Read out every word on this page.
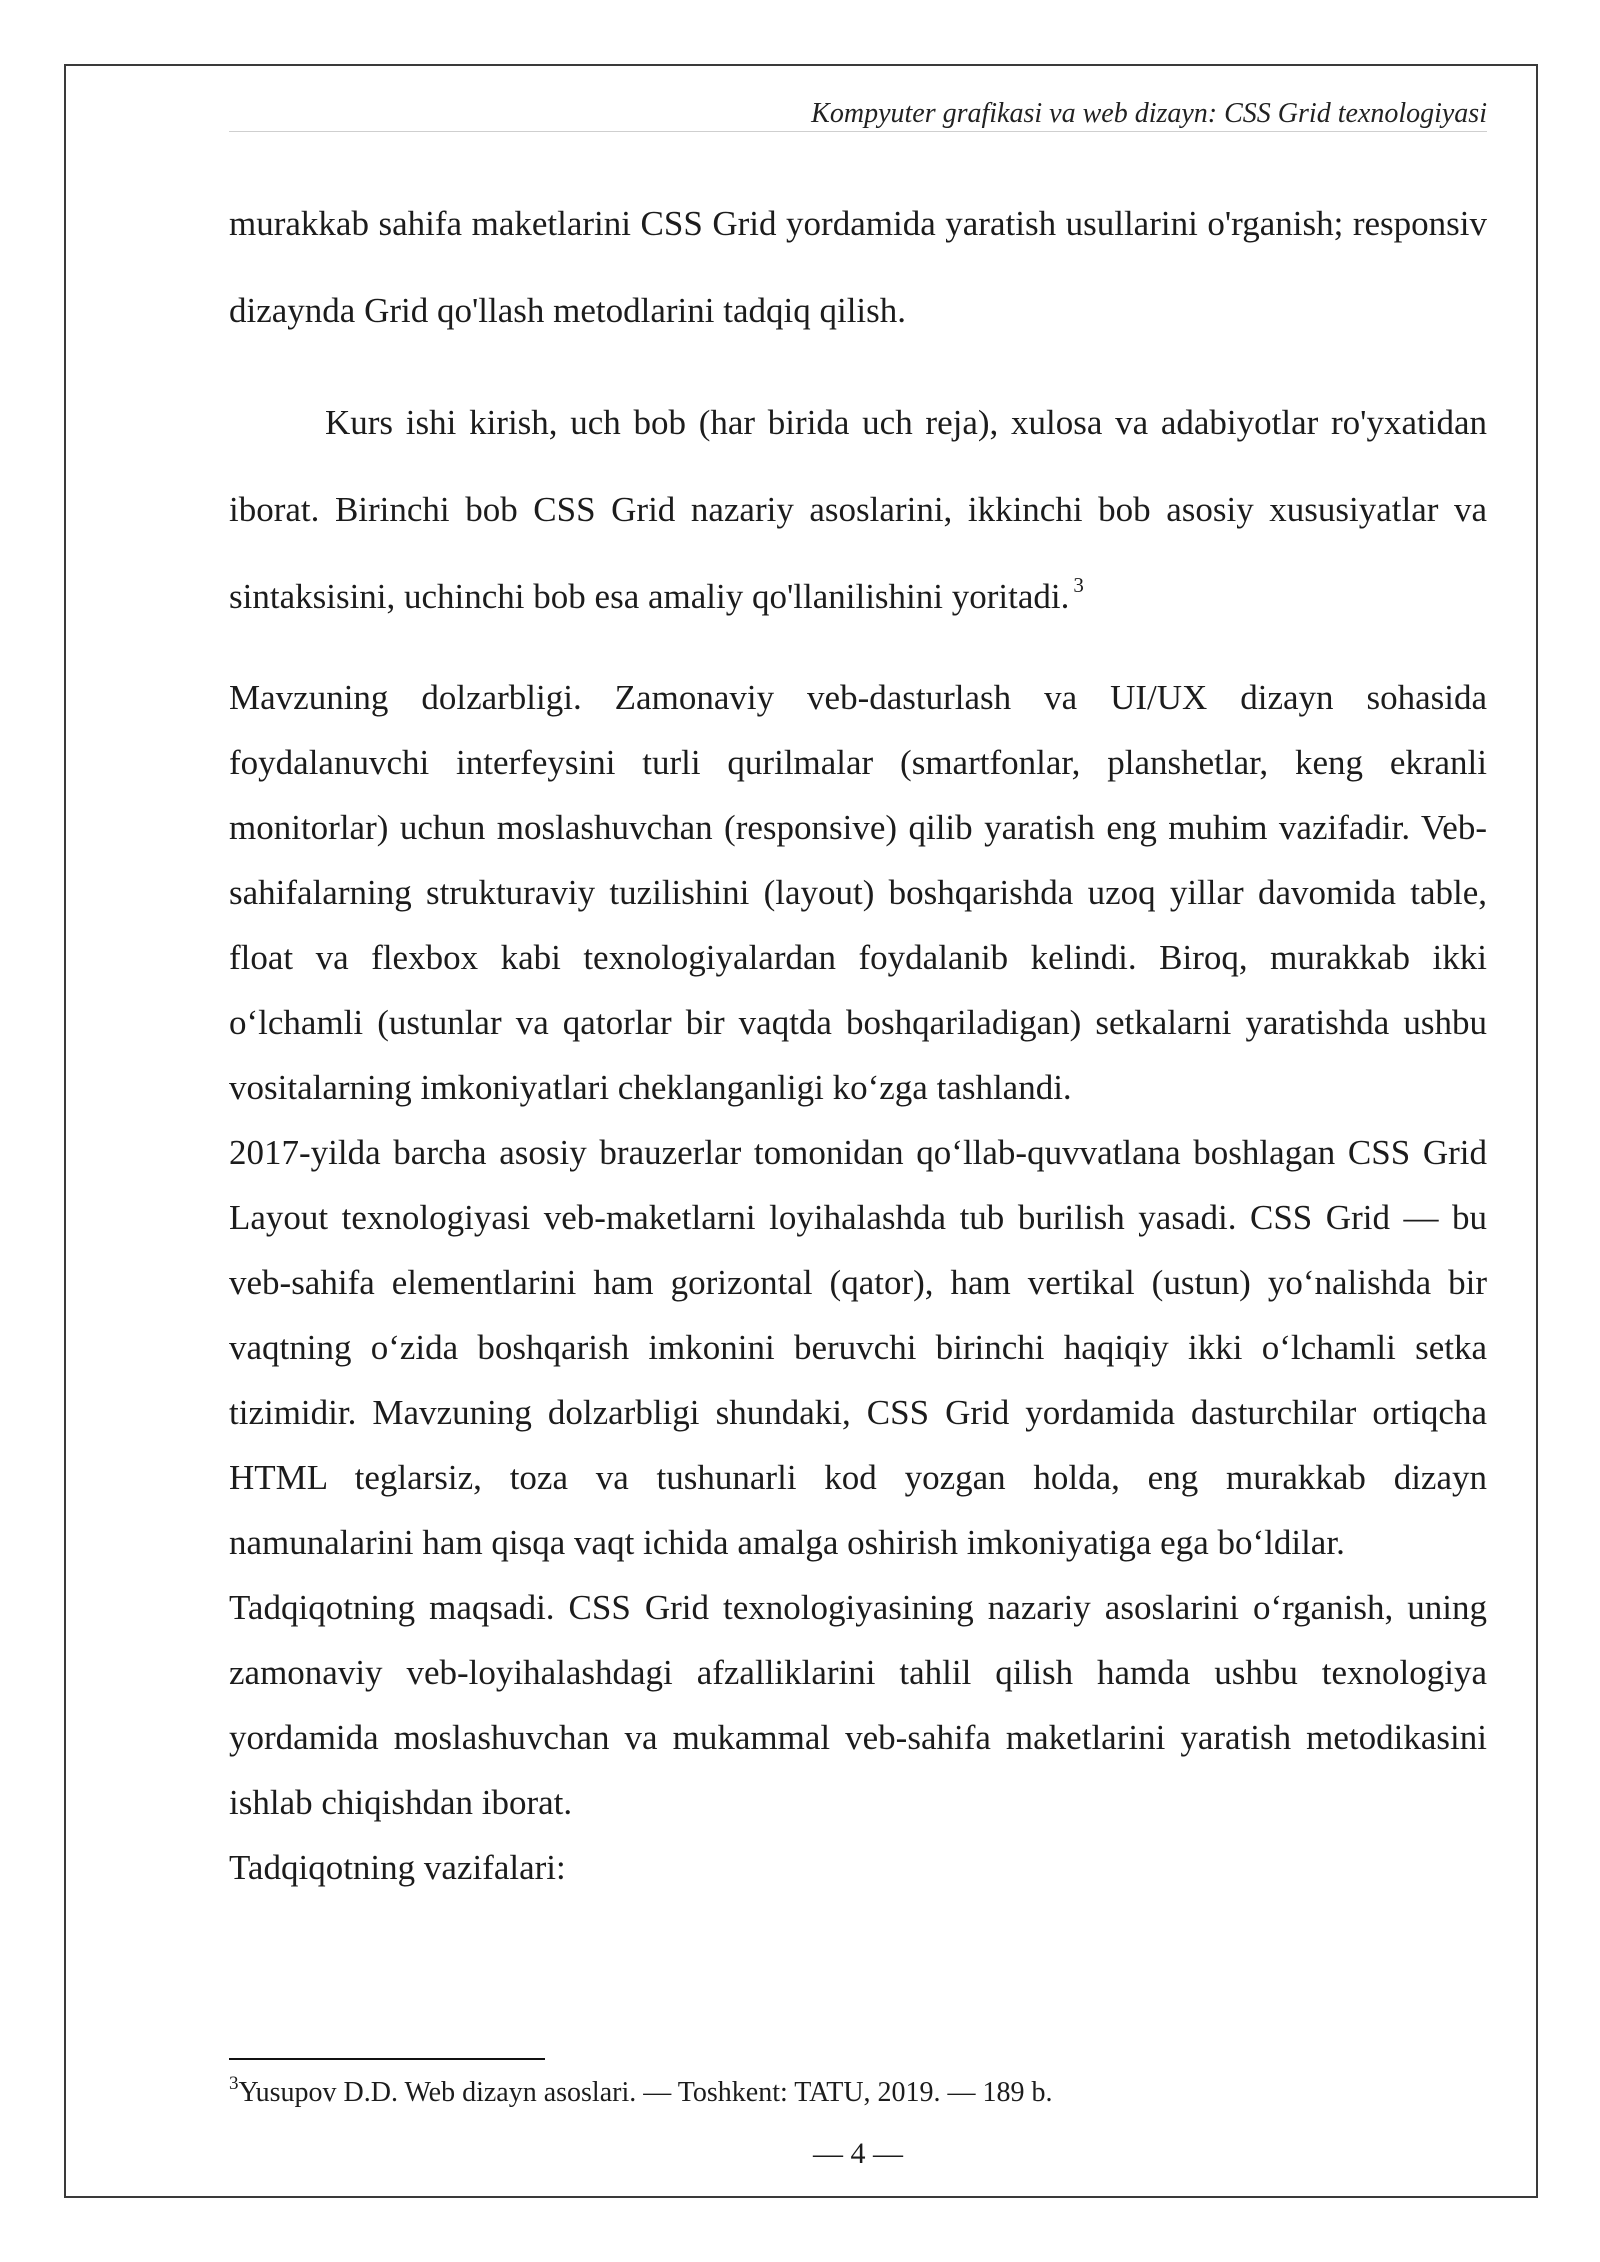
Kompyuter grafikasi va web dizayn: CSS Grid texnologiyasi

murakkab sahifa maketlarini CSS Grid yordamida yaratish usullarini o'rganish; responsiv dizaynda Grid qo'llash metodlarini tadqiq qilish.

Kurs ishi kirish, uch bob (har birida uch reja), xulosa va adabiyotlar ro'yxatidan iborat. Birinchi bob CSS Grid nazariy asoslarini, ikkinchi bob asosiy xususiyatlar va sintaksisini, uchinchi bob esa amaliy qo'llanilishini yoritadi. $^3$

Mavzuning dolzarbligi. Zamonaviy veb-dasturlash va UI/UX dizayn sohasida foydalanuvchi interfeysini turli qurilmalar (smartfonlar, planshetlar, keng ekranli monitorlar) uchun moslashuvchan (responsive) qilib yaratish eng muhim vazifadir. Veb-sahifalarning strukturaviy tuzilishini (layout) boshqarishda uzoq yillar davomida table, float va flexbox kabi texnologiyalardan foydalanib kelindi. Biroq, murakkab ikki o‘lchamli (ustunlar va qatorlar bir vaqtda boshqariladigan) setkalarni yaratishda ushbu vositalarning imkoniyatlari cheklanganligi ko‘zga tashlandi.

2017-yilda barcha asosiy brauzerlar tomonidan qo‘llab-quvvatlana boshlagan CSS Grid Layout texnologiyasi veb-maketlarni loyihalashda tub burilish yasadi. CSS Grid — bu veb-sahifa elementlarini ham gorizontal (qator), ham vertikal (ustun) yo‘nalishda bir vaqtning o‘zida boshqarish imkonini beruvchi birinchi haqiqiy ikki o‘lchamli setka tizimidir. Mavzuning dolzarbligi shundaki, CSS Grid yordamida dasturchilar ortiqcha HTML teglarsiz, toza va tushunarli kod yozgan holda, eng murakkab dizayn namunalarini ham qisqa vaqt ichida amalga oshirish imkoniyatiga ega bo‘ldilar.

Tadqiqotning maqsadi. CSS Grid texnologiyasining nazariy asoslarini o‘rganish, uning zamonaviy veb-loyihalashdagi afzalliklarini tahlil qilish hamda ushbu texnologiya yordamida moslashuvchan va mukammal veb-sahifa maketlarini yaratish metodikasini ishlab chiqishdan iborat.

Tadqiqotning vazifalari:

$^3$Yusupov D.D. Web dizayn asoslari. — Toshkent: TATU, 2019. — 189 b.
— 4 —
